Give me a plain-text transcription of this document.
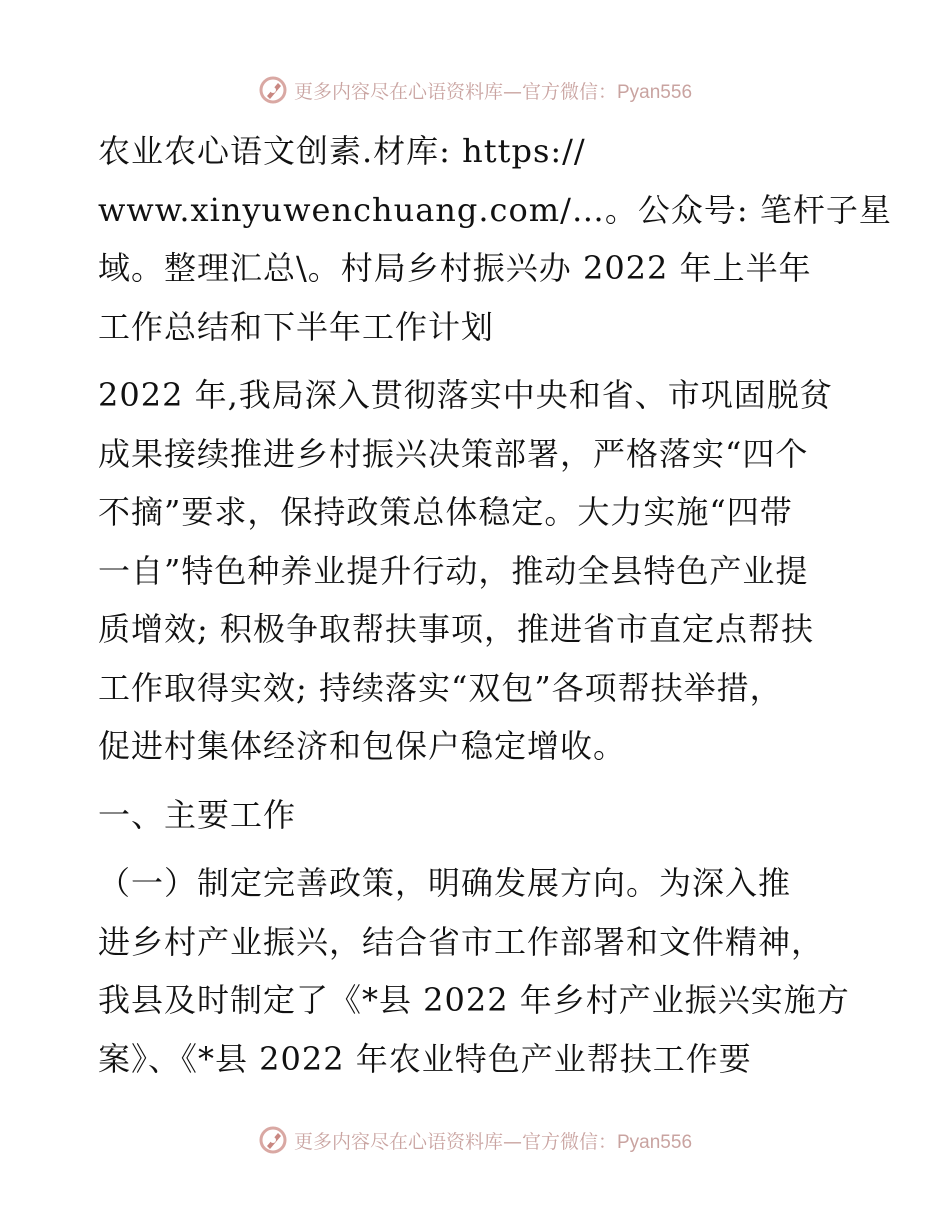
更多内容尽在心语资料库—官方微信：Pyan556

农业农心语文创素.材库: https://
www.xinyuwenchuang.com/…。公众号: 笔杆子星
域。整理汇总\。村局乡村振兴办 2022 年上半年
工作总结和下半年工作计划

2022 年,我局深入贯彻落实中央和省、市巩固脱贫
成果接续推进乡村振兴决策部署，严格落实“四个
不摘”要求，保持政策总体稳定。大力实施“四带
一自”特色种养业提升行动，推动全县特色产业提
质增效; 积极争取帮扶事项，推进省市直定点帮扶
工作取得实效; 持续落实“双包”各项帮扶举措，
促进村集体经济和包保户稳定增收。

一、主要工作

（一）制定完善政策，明确发展方向。为深入推
进乡村产业振兴，结合省市工作部署和文件精神，
我县及时制定了《*县 2022 年乡村产业振兴实施方
案》、《*县 2022 年农业特色产业帮扶工作要

更多内容尽在心语资料库—官方微信：Pyan556
